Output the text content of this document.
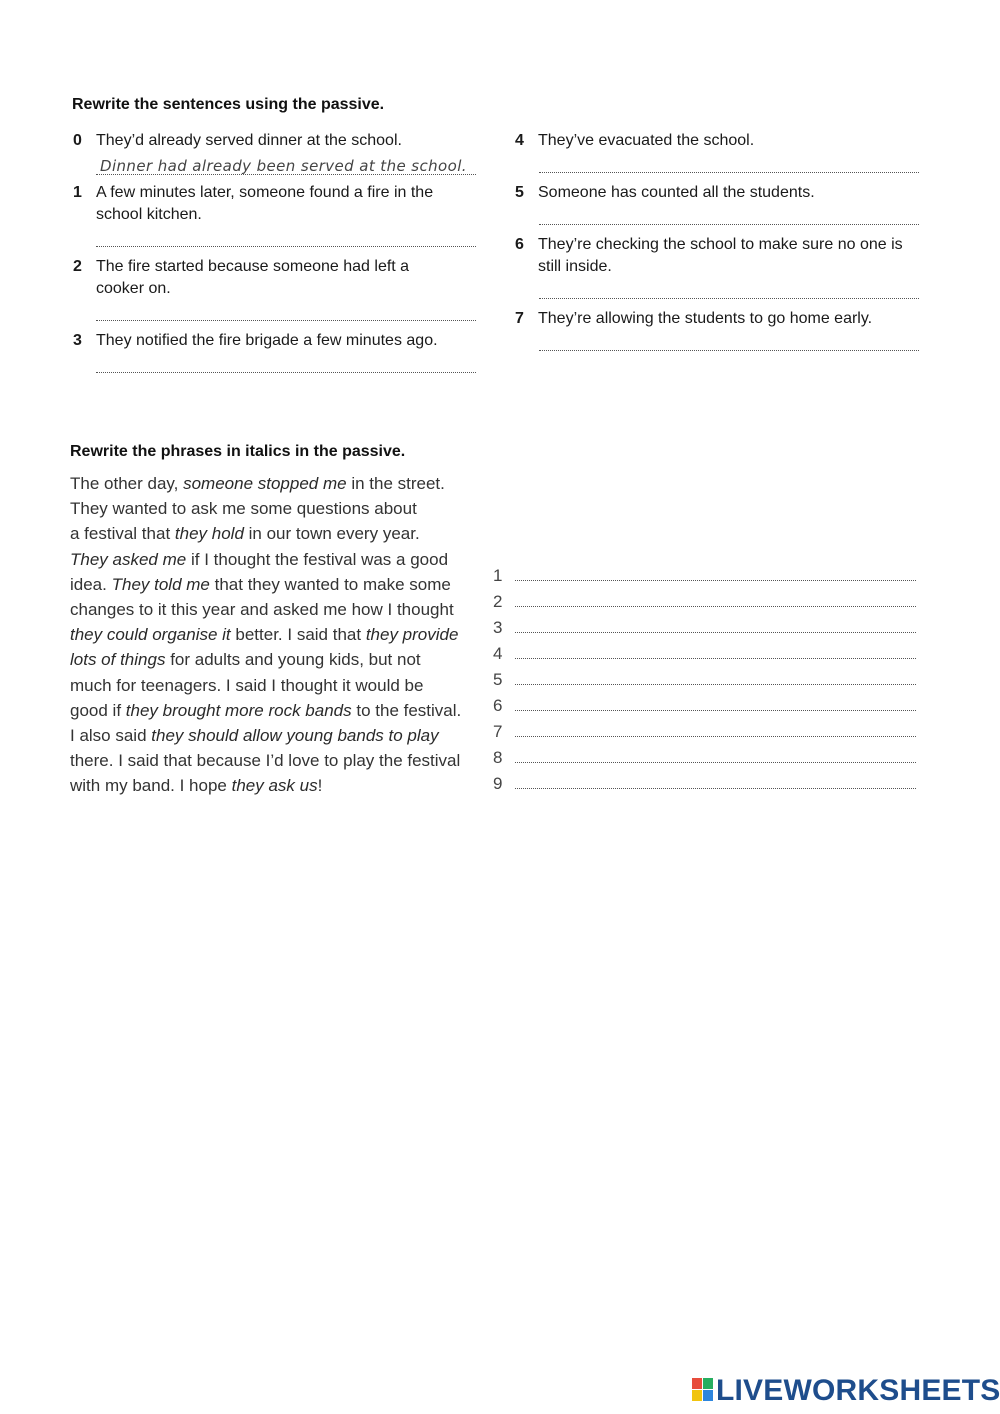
Rewrite the sentences using the passive.
0 They’d already served dinner at the school.
Dinner had already been served at the school.
1 A few minutes later, someone found a fire in the school kitchen.
2 The fire started because someone had left a cooker on.
3 They notified the fire brigade a few minutes ago.
4 They’ve evacuated the school.
5 Someone has counted all the students.
6 They’re checking the school to make sure no one is still inside.
7 They’re allowing the students to go home early.
Rewrite the phrases in italics in the passive.
The other day, someone stopped me in the street.
They wanted to ask me some questions about
a festival that they hold in our town every year.
They asked me if I thought the festival was a good
idea. They told me that they wanted to make some
changes to it this year and asked me how I thought
they could organise it better. I said that they provide
lots of things for adults and young kids, but not
much for teenagers. I said I thought it would be
good if they brought more rock bands to the festival.
I also said they should allow young bands to play
there. I said that because I’d love to play the festival
with my band. I hope they ask us!
1
2
3
4
5
6
7
8
9
LIVEWORKSHEETS
